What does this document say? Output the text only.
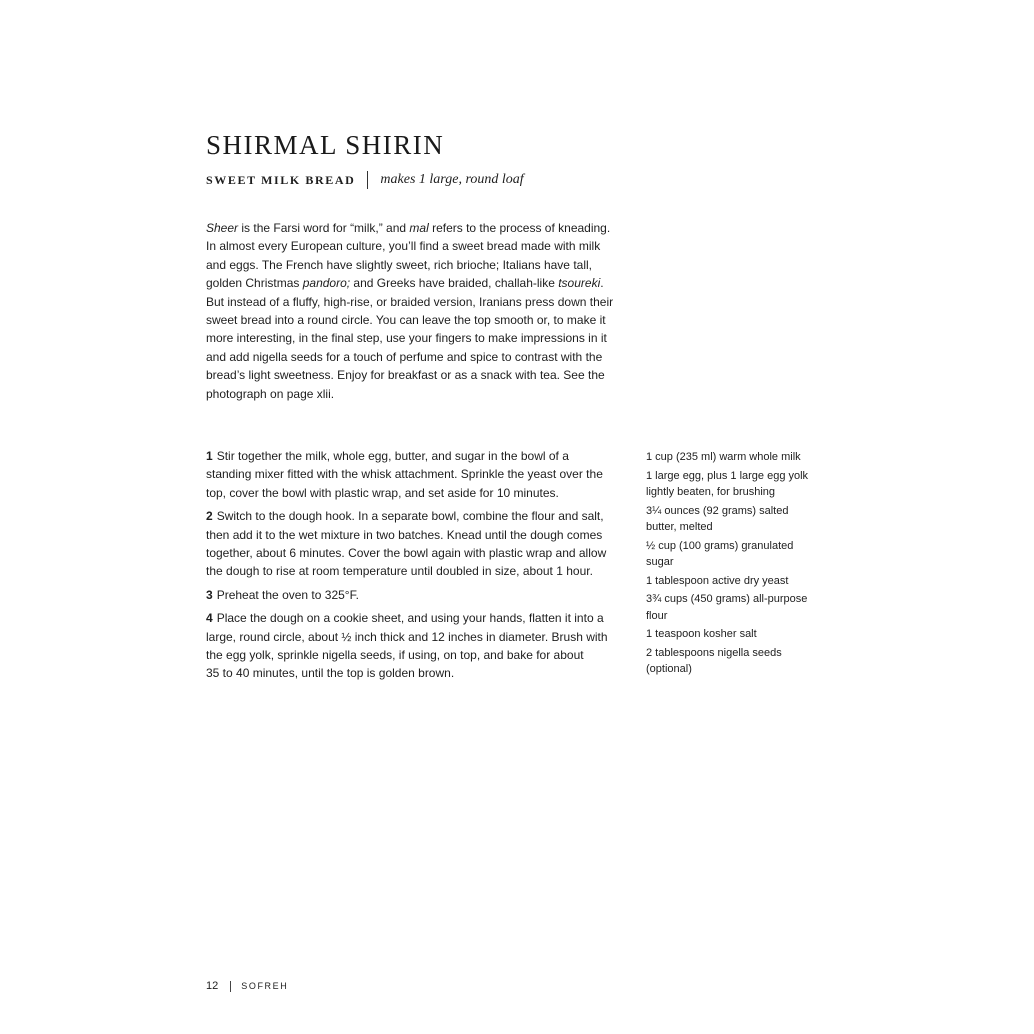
SHIRMAL SHIRIN
SWEET MILK BREAD makes 1 large, round loaf

Sheer is the Farsi word for “milk,” and mal refers to the process of kneading.
In almost every European culture, you’ll find a sweet bread made with milk
and eggs. The French have slightly sweet, rich brioche; Italians have tall,
golden Christmas pandoro; and Greeks have braided, challah-like tsoureki.
But instead of a fluffy, high-rise, or braided version, Iranians press down their
sweet bread into a round circle. You can leave the top smooth or, to make it
more interesting, in the final step, use your fingers to make impressions in it
and add nigella seeds for a touch of perfume and spice to contrast with the
bread’s light sweetness. Enjoy for breakfast or as a snack with tea. See the
photograph on page xlii.

1 Stir together the milk, whole egg, butter, and sugar in the bowl of a
standing mixer fitted with the whisk attachment. Sprinkle the yeast over the
top, cover the bowl with plastic wrap, and set aside for 10 minutes.

2 Switch to the dough hook. In a separate bowl, combine the flour and salt,
then add it to the wet mixture in two batches. Knead until the dough comes
together, about 6 minutes. Cover the bowl again with plastic wrap and allow
the dough to rise at room temperature until doubled in size, about 1 hour.

3 Preheat the oven to 325°F.

4 Place the dough on a cookie sheet, and using your hands, flatten it into a
large, round circle, about ½ inch thick and 12 inches in diameter. Brush with
the egg yolk, sprinkle nigella seeds, if using, on top, and bake for about
35 to 40 minutes, until the top is golden brown.

1 cup (235 ml) warm whole milk
1 large egg, plus 1 large egg yolk
lightly beaten, for brushing
3¼ ounces (92 grams) salted
butter, melted
½ cup (100 grams) granulated
sugar
1 tablespoon active dry yeast
3¾ cups (450 grams) all-purpose
flour
1 teaspoon kosher salt
2 tablespoons nigella seeds
(optional)
12	SOFREH
